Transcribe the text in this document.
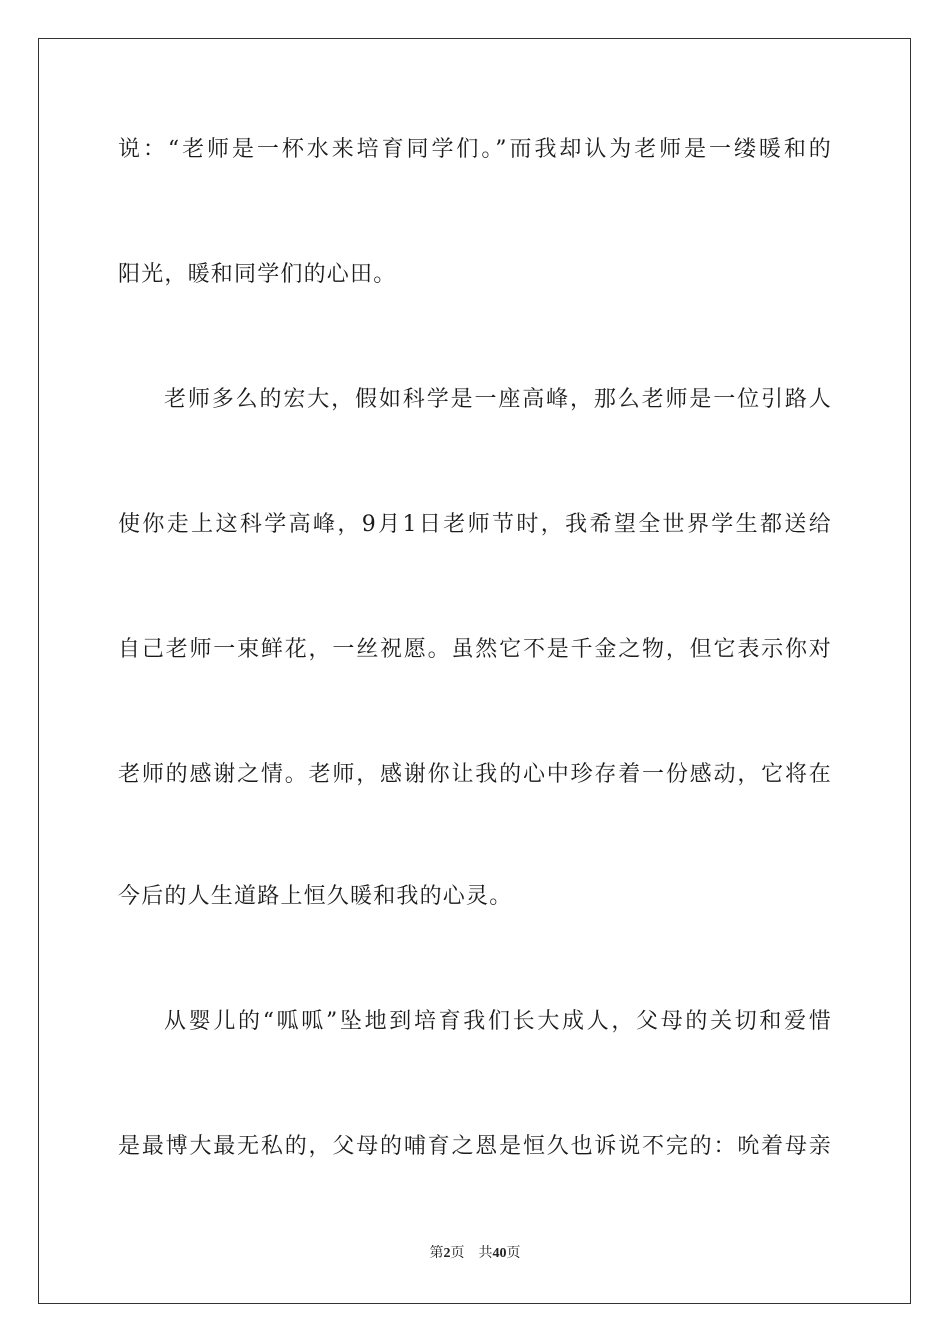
说：“老师是一杯水来培育同学们。”而我却认为老师是一缕暖和的
阳光，暖和同学们的心田。
老师多么的宏大，假如科学是一座高峰，那么老师是一位引路人
使你走上这科学高峰，9月1日老师节时，我希望全世界学生都送给
自己老师一束鲜花，一丝祝愿。虽然它不是千金之物，但它表示你对
老师的感谢之情。老师，感谢你让我的心中珍存着一份感动，它将在
今后的人生道路上恒久暖和我的心灵。
从婴儿的“呱呱”坠地到培育我们长大成人，父母的关切和爱惜
是最博大最无私的，父母的哺育之恩是恒久也诉说不完的：吮着母亲
第2页 共40页
